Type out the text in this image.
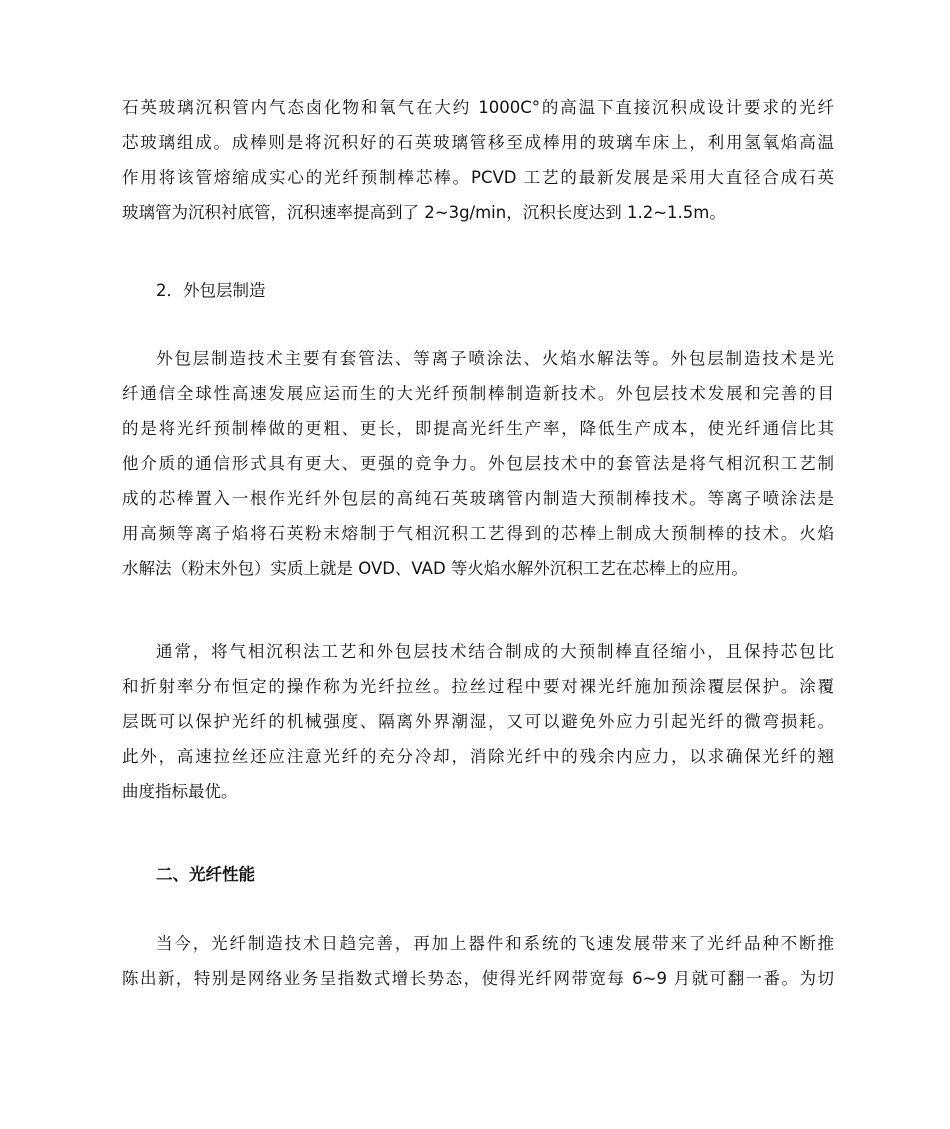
石英玻璃沉积管内气态卤化物和氧气在大约 1000C°的高温下直接沉积成设计要求的光纤

芯玻璃组成。成棒则是将沉积好的石英玻璃管移至成棒用的玻璃车床上，利用氢氧焰高温

作用将该管熔缩成实心的光纤预制棒芯棒。PCVD 工艺的最新发展是采用大直径合成石英

玻璃管为沉积衬底管，沉积速率提高到了 2~3g/min，沉积长度达到 1.2~1.5m。

2．外包层制造

外包层制造技术主要有套管法、等离子喷涂法、火焰水解法等。外包层制造技术是光

纤通信全球性高速发展应运而生的大光纤预制棒制造新技术。外包层技术发展和完善的目

的是将光纤预制棒做的更粗、更长，即提高光纤生产率，降低生产成本，使光纤通信比其

他介质的通信形式具有更大、更强的竞争力。外包层技术中的套管法是将气相沉积工艺制

成的芯棒置入一根作光纤外包层的高纯石英玻璃管内制造大预制棒技术。等离子喷涂法是

用高频等离子焰将石英粉末熔制于气相沉积工艺得到的芯棒上制成大预制棒的技术。火焰

水解法（粉末外包）实质上就是 OVD、VAD 等火焰水解外沉积工艺在芯棒上的应用。

通常，将气相沉积法工艺和外包层技术结合制成的大预制棒直径缩小，且保持芯包比

和折射率分布恒定的操作称为光纤拉丝。拉丝过程中要对裸光纤施加预涂覆层保护。涂覆

层既可以保护光纤的机械强度、隔离外界潮湿，又可以避免外应力引起光纤的微弯损耗。

此外，高速拉丝还应注意光纤的充分冷却，消除光纤中的残余内应力，以求确保光纤的翘

曲度指标最优。

二、光纤性能

当今，光纤制造技术日趋完善，再加上器件和系统的飞速发展带来了光纤品种不断推

陈出新，特别是网络业务呈指数式增长势态，使得光纤网带宽每 6~9 月就可翻一番。为切
